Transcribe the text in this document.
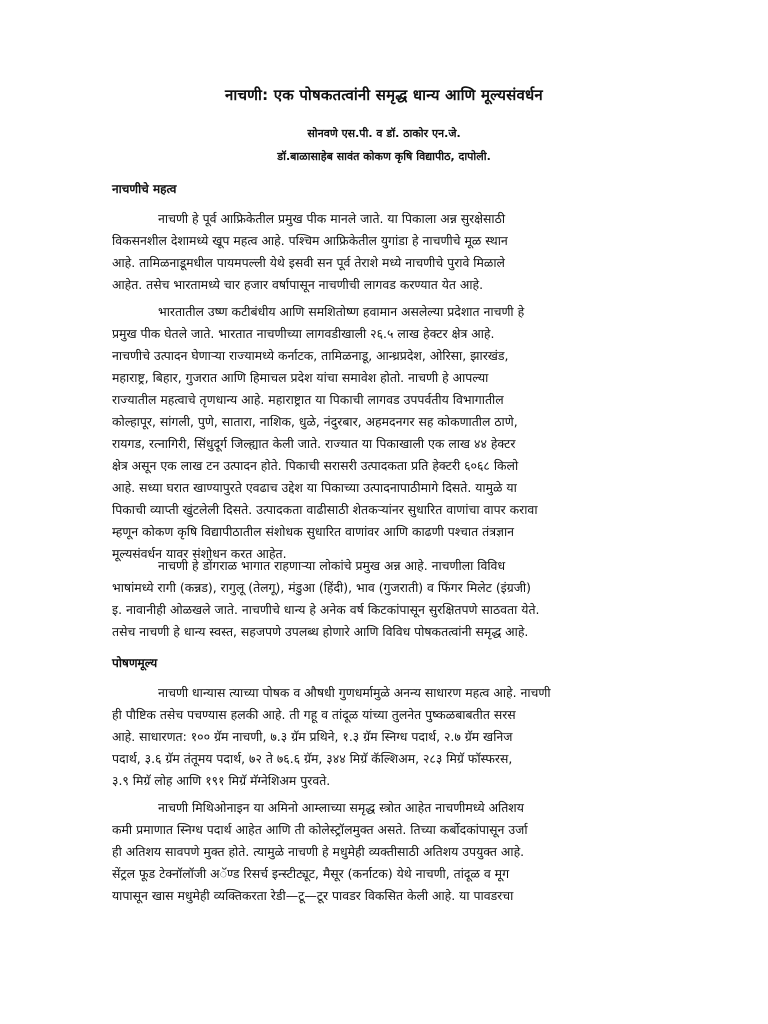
नाचणी: एक पोषकतत्वांनी समृद्ध धान्य आणि मूल्यसंवर्धन
सोनवणे एस.पी. व डॉ. ठाकोर एन.जे.
डॉ.बाळासाहेब सावंत कोकण कृषि विद्यापीठ, दापोली.
नाचणीचे महत्व
नाचणी हे पूर्व आफ्रिकेतील प्रमुख पीक मानले जाते. या पिकाला अन्न सुरक्षेसाठी
विकसनशील देशामध्ये खूप महत्व आहे. पश्चिम आफ्रिकेतील युगांडा हे नाचणीचे मूळ स्थान
आहे. तामिळनाडूमधील पायमपल्ली येथे इसवी सन पूर्व तेराशे मध्ये नाचणीचे पुरावे मिळाले
आहेत. तसेच भारतामध्ये चार हजार वर्षापासून नाचणीची लागवड करण्यात येत आहे.
भारतातील उष्ण कटीबंधीय आणि समशितोष्ण हवामान असलेल्या प्रदेशात नाचणी हे
प्रमुख पीक घेतले जाते. भारतात नाचणीच्या लागवडीखाली २६.५ लाख हेक्टर क्षेत्र आहे.
नाचणीचे उत्पादन घेणाऱ्या राज्यामध्ये कर्नाटक, तामिळनाडू, आन्ध्रप्रदेश, ओरिसा, झारखंड,
महाराष्ट्र, बिहार, गुजरात आणि हिमाचल प्रदेश यांचा समावेश होतो. नाचणी हे आपल्या
राज्यातील महत्वाचे तृणधान्य आहे. महाराष्ट्रात या पिकाची लागवड उपपर्वतीय विभागातील
कोल्हापूर, सांगली, पुणे, सातारा, नाशिक, धुळे, नंदुरबार, अहमदनगर सह कोकणातील ठाणे,
रायगड, रत्नागिरी, सिंधुदूर्ग जिल्ह्यात केली जाते. राज्यात या पिकाखाली एक लाख ४४ हेक्टर
क्षेत्र असून एक लाख टन उत्पादन होते. पिकाची सरासरी उत्पादकता प्रति हेक्टरी ६०६८ किलो
आहे. सध्या घरात खाण्यापुरते एवढाच उद्देश या पिकाच्या उत्पादनापाठीमागे दिसते. यामुळे या
पिकाची व्याप्ती खुंटलेली दिसते. उत्पादकता वाढीसाठी शेतकऱ्यांनर सुधारित वाणांचा वापर करावा
म्हणून कोकण कृषि विद्यापीठातील संशोधक सुधारित वाणांवर आणि काढणी पश्चात तंत्रज्ञान
मूल्यसंवर्धन यावर संशोधन करत आहेत.
नाचणी हे डोंगराळ भागात राहणाऱ्या लोकांचे प्रमुख अन्न आहे. नाचणीला विविध
भाषांमध्ये रागी (कन्नड), रागुलू (तेलगू), मंडुआ (हिंदी), भाव (गुजराती) व फिंगर मिलेट (इंग्रजी)
इ. नावानीही ओळखले जाते. नाचणीचे धान्य हे अनेक वर्ष किटकांपासून सुरक्षितपणे साठवता येते.
तसेच नाचणी हे धान्य स्वस्त, सहजपणे उपलब्ध होणारे आणि विविध पोषकतत्वांनी समृद्ध आहे.
पोषणमूल्य
नाचणी धान्यास त्याच्या पोषक व औषधी गुणधर्मामुळे अनन्य साधारण महत्व आहे. नाचणी
ही पौष्टिक तसेच पचण्यास हलकी आहे. ती गहू व तांदूळ यांच्या तुलनेत पुष्कळबाबतीत सरस
आहे. साधारणत: १०० ग्रॅम नाचणी, ७.३ ग्रॅम प्रथिने, १.३ ग्रॅम स्निग्ध पदार्थ, २.७ ग्रॅम खनिज
पदार्थ, ३.६ ग्रॅम तंतूमय पदार्थ, ७२ ते ७६.६ ग्रॅम, ३४४ मिग्रॅ कॅल्शिअम, २८३ मिग्रॅ फॉस्फरस,
३.९ मिग्रॅ लोह आणि १९१ मिग्रॅ मॅग्नेशिअम पुरवते.
नाचणी मिथिओनाइन या अमिनो आम्लाच्या समृद्ध स्त्रोत आहेत नाचणीमध्ये अतिशय
कमी प्रमाणात स्निग्ध पदार्थ आहेत आणि ती कोलेस्ट्रॉलमुक्त असते. तिच्या कर्बोदकांपासून उर्जा
ही अतिशय सावपणे मुक्त होते. त्यामुळे नाचणी हे मधुमेही व्यक्तीसाठी अतिशय उपयुक्त आहे.
सेंट्रल फूड टेक्नॉलॉजी अॅण्ड रिसर्च इन्स्टीट्यूट, मैसूर (कर्नाटक) येथे नाचणी, तांदूळ व मूग
यापासून खास मधुमेही व्यक्तिकरता रेडी—टू—टूर पावडर विकसित केली आहे. या पावडरचा
